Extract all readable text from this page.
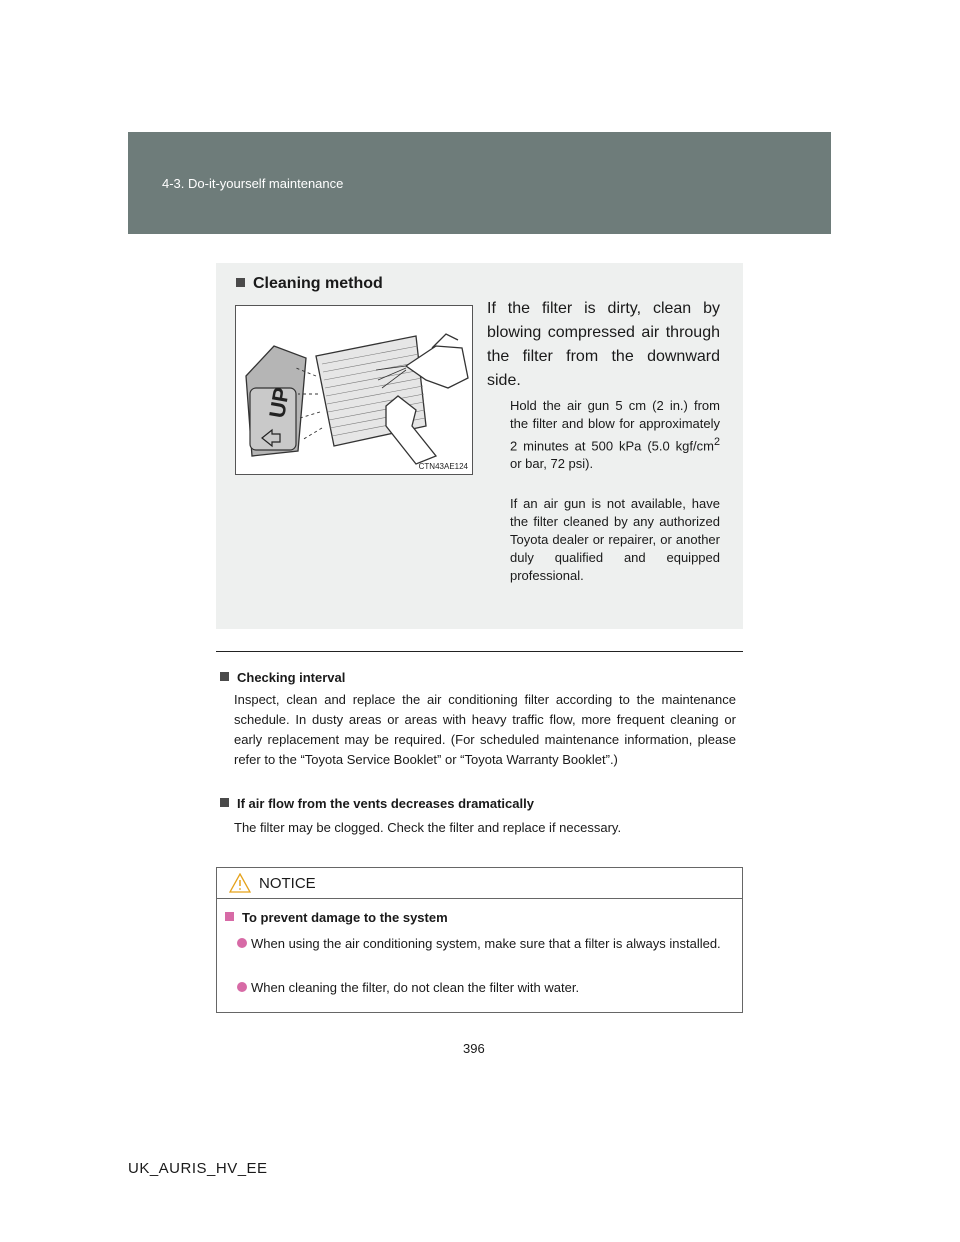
4-3. Do-it-yourself maintenance
Cleaning method
UP
CTN43AE124
If the filter is dirty, clean by blowing compressed air through the filter from the downward side.
Hold the air gun 5 cm (2 in.) from the filter and blow for approximately 2 minutes at 500 kPa (5.0 kgf/$cm^2$ or bar, 72 psi).
If an air gun is not available, have the filter cleaned by any authorized Toyota dealer or repairer, or another duly qualified and equipped professional.
Checking interval
Inspect, clean and replace the air conditioning filter according to the maintenance schedule. In dusty areas or areas with heavy traffic flow, more frequent cleaning or early replacement may be required. (For scheduled maintenance information, please refer to the “Toyota Service Booklet” or “Toyota Warranty Booklet”.)
If air flow from the vents decreases dramatically
The filter may be clogged. Check the filter and replace if necessary.
NOTICE
To prevent damage to the system
When using the air conditioning system, make sure that a filter is always installed.
When cleaning the filter, do not clean the filter with water.
396
UK_AURIS_HV_EE
